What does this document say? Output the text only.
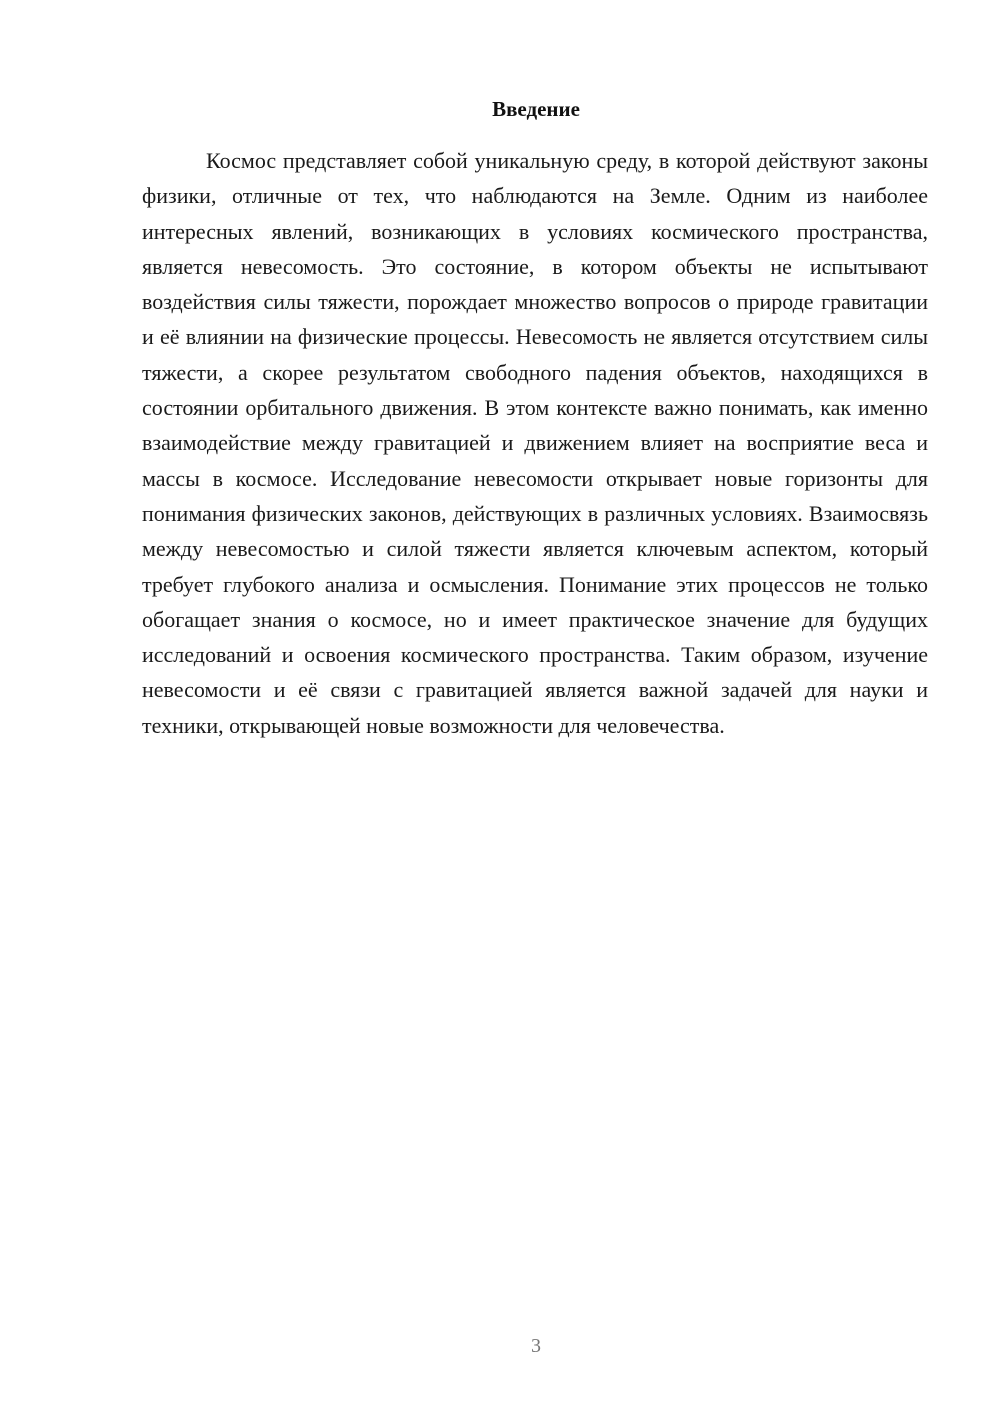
Введение

Космос представляет собой уникальную среду, в которой действуют законы физики, отличные от тех, что наблюдаются на Земле. Одним из наиболее интересных явлений, возникающих в условиях космического пространства, является невесомость. Это состояние, в котором объекты не испытывают воздействия силы тяжести, порождает множество вопросов о природе гравитации и её влиянии на физические процессы. Невесомость не является отсутствием силы тяжести, а скорее результатом свободного падения объектов, находящихся в состоянии орбитального движения. В этом контексте важно понимать, как именно взаимодействие между гравитацией и движением влияет на восприятие веса и массы в космосе. Исследование невесомости открывает новые горизонты для понимания физических законов, действующих в различных условиях. Взаимосвязь между невесомостью и силой тяжести является ключевым аспектом, который требует глубокого анализа и осмысления. Понимание этих процессов не только обогащает знания о космосе, но и имеет практическое значение для будущих исследований и освоения космического пространства. Таким образом, изучение невесомости и её связи с гравитацией является важной задачей для науки и техники, открывающей новые возможности для человечества.

3
